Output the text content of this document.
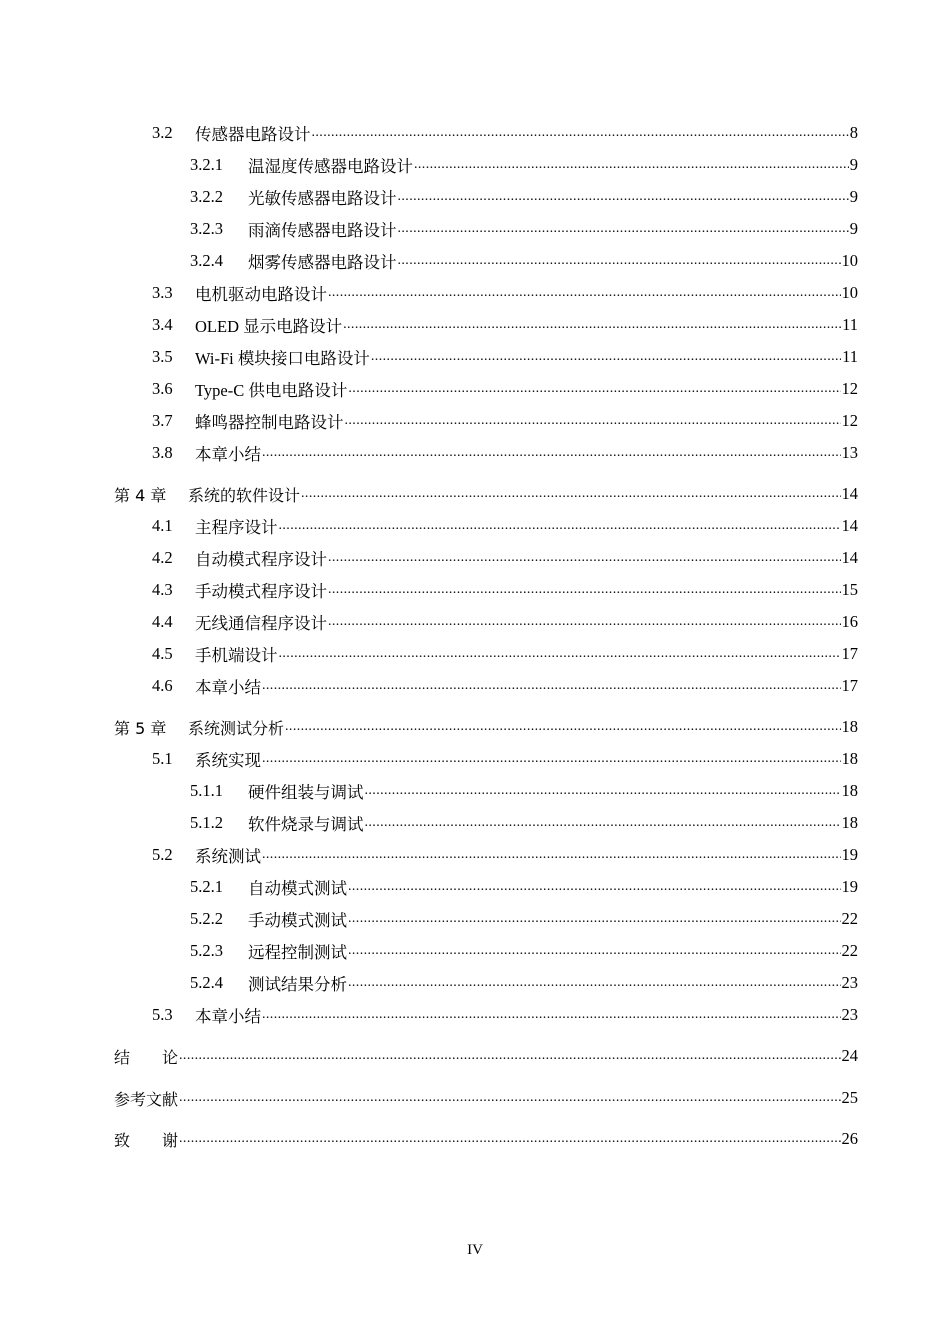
3.2	传感器电路设计 .....	8
3.2.1	温湿度传感器电路设计 .....	9
3.2.2	光敏传感器电路设计 .....	9
3.2.3	雨滴传感器电路设计 .....	9
3.2.4	烟雾传感器电路设计 .....	10
3.3	电机驱动电路设计 .....	10
3.4	OLED 显示电路设计 .....	11
3.5	Wi-Fi 模块接口电路设计 .....	11
3.6	Type-C 供电电路设计 .....	12
3.7	蜂鸣器控制电路设计 .....	12
3.8	本章小结 .....	13
第 4 章	系统的软件设计 .....	14
4.1	主程序设计 .....	14
4.2	自动模式程序设计 .....	14
4.3	手动模式程序设计 .....	15
4.4	无线通信程序设计 .....	16
4.5	手机端设计 .....	17
4.6	本章小结 .....	17
第 5 章	系统测试分析 .....	18
5.1	系统实现 .....	18
5.1.1	硬件组装与调试 .....	18
5.1.2	软件烧录与调试 .....	18
5.2	系统测试 .....	19
5.2.1	自动模式测试 .....	19
5.2.2	手动模式测试 .....	22
5.2.3	远程控制测试 .....	22
5.2.4	测试结果分析 .....	23
5.3	本章小结 .....	23
结　　论 .....	24
参考文献 .....	25
致　　谢 .....	26
IV
